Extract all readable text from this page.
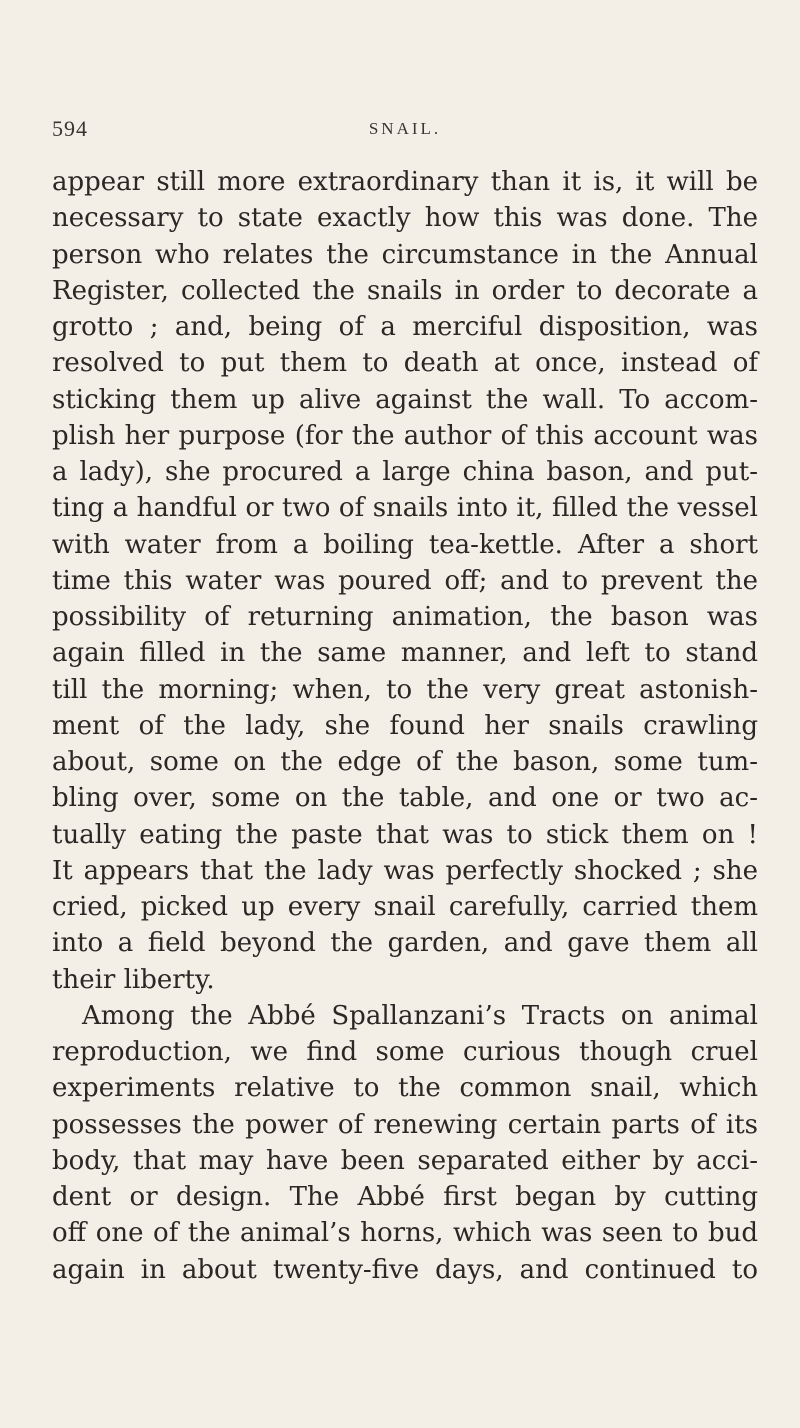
594	SNAIL.
appear still more extraordinary than it is, it will be
necessary to state exactly how this was done. The
person who relates the circumstance in the Annual
Register, collected the snails in order to decorate a
grotto ; and, being of a merciful disposition, was
resolved to put them to death at once, instead of
sticking them up alive against the wall. To accom-
plish her purpose (for the author of this account was
a lady), she procured a large china bason, and put-
ting a handful or two of snails into it, filled the vessel
with water from a boiling tea-kettle. After a short
time this water was poured off; and to prevent the
possibility of returning animation, the bason was
again filled in the same manner, and left to stand
till the morning; when, to the very great astonish-
ment of the lady, she found her snails crawling
about, some on the edge of the bason, some tum-
bling over, some on the table, and one or two ac-
tually eating the paste that was to stick them on !
It appears that the lady was perfectly shocked ; she
cried, picked up every snail carefully, carried them
into a field beyond the garden, and gave them all
their liberty.
Among the Abbé Spallanzani’s Tracts on animal
reproduction, we find some curious though cruel
experiments relative to the common snail, which
possesses the power of renewing certain parts of its
body, that may have been separated either by acci-
dent or design. The Abbé first began by cutting
off one of the animal’s horns, which was seen to bud
again in about twenty-five days, and continued to
